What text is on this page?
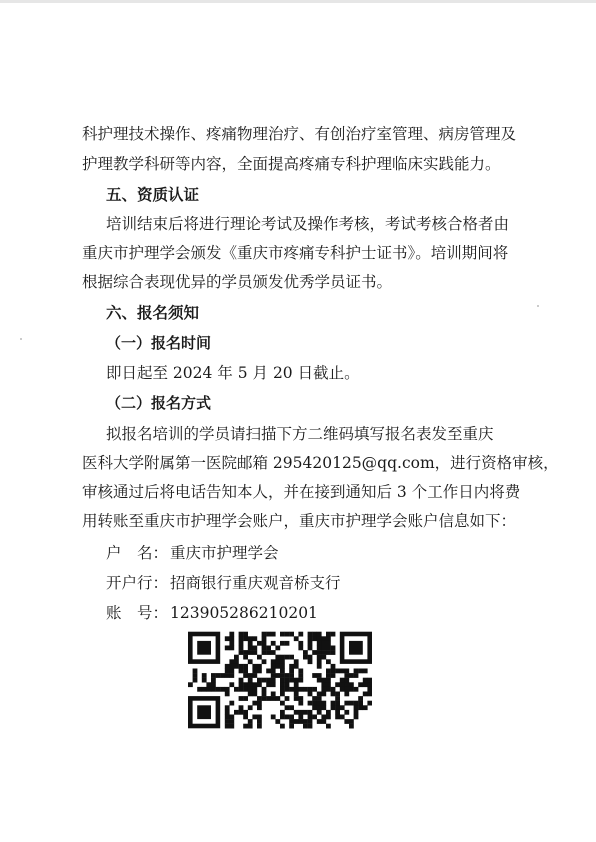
科护理技术操作、疼痛物理治疗、有创治疗室管理、病房管理及
护理教学科研等内容，全面提高疼痛专科护理临床实践能力。
五、资质认证
培训结束后将进行理论考试及操作考核，考试考核合格者由
重庆市护理学会颁发《重庆市疼痛专科护士证书》。培训期间将
根据综合表现优异的学员颁发优秀学员证书。
六、报名须知
（一）报名时间
即日起至 2024 年 5 月 20 日截止。
（二）报名方式
拟报名培训的学员请扫描下方二维码填写报名表发至重庆
医科大学附属第一医院邮箱 295420125@qq.com，进行资格审核，
审核通过后将电话告知本人，并在接到通知后 3 个工作日内将费
用转账至重庆市护理学会账户，重庆市护理学会账户信息如下：
户　名： 重庆市护理学会
开户行： 招商银行重庆观音桥支行
账　号： 123905286210201
